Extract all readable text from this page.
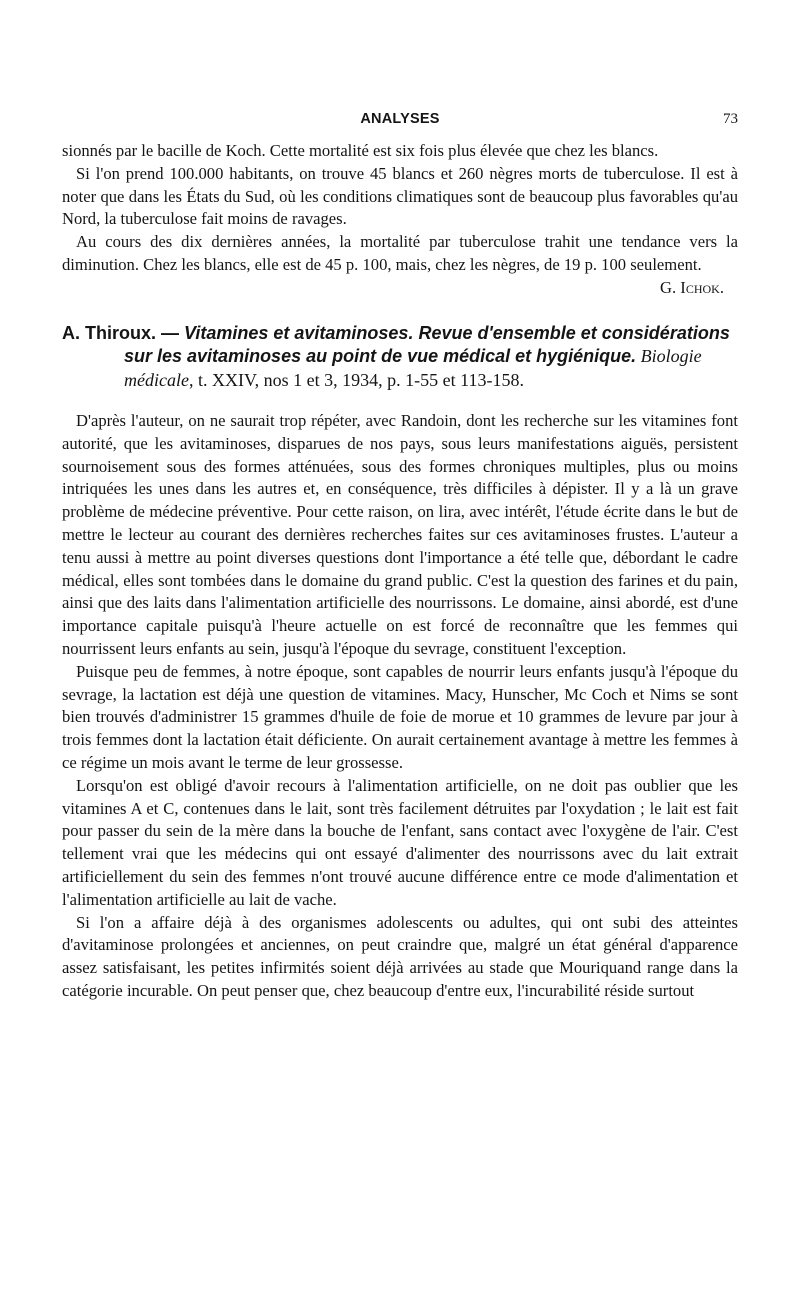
ANALYSES	73

sionnés par le bacille de Koch. Cette mortalité est six fois plus élevée que chez les blancs.

Si l'on prend 100.000 habitants, on trouve 45 blancs et 260 nègres morts de tuberculose. Il est à noter que dans les États du Sud, où les conditions climatiques sont de beaucoup plus favorables qu'au Nord, la tuberculose fait moins de ravages.

Au cours des dix dernières années, la mortalité par tuberculose trahit une tendance vers la diminution. Chez les blancs, elle est de 45 p. 100, mais, chez les nègres, de 19 p. 100 seulement.

G. Ichok.

A. Thiroux. — Vitamines et avitaminoses. Revue d'ensemble et considérations sur les avitaminoses au point de vue médical et hygiénique. Biologie médicale, t. XXIV, nos 1 et 3, 1934, p. 1-55 et 113-158.

D'après l'auteur, on ne saurait trop répéter, avec Randoin, dont les recherche sur les vitamines font autorité, que les avitaminoses, disparues de nos pays, sous leurs manifestations aiguës, persistent sournoisement sous des formes atténuées, sous des formes chroniques multiples, plus ou moins intriquées les unes dans les autres et, en conséquence, très difficiles à dépister. Il y a là un grave problème de médecine préventive. Pour cette raison, on lira, avec intérêt, l'étude écrite dans le but de mettre le lecteur au courant des dernières recherches faites sur ces avitaminoses frustes. L'auteur a tenu aussi à mettre au point diverses questions dont l'importance a été telle que, débordant le cadre médical, elles sont tombées dans le domaine du grand public. C'est la question des farines et du pain, ainsi que des laits dans l'alimentation artificielle des nourrissons. Le domaine, ainsi abordé, est d'une importance capitale puisqu'à l'heure actuelle on est forcé de reconnaître que les femmes qui nourrissent leurs enfants au sein, jusqu'à l'époque du sevrage, constituent l'exception.

Puisque peu de femmes, à notre époque, sont capables de nourrir leurs enfants jusqu'à l'époque du sevrage, la lactation est déjà une question de vitamines. Macy, Hunscher, Mc Coch et Nims se sont bien trouvés d'administrer 15 grammes d'huile de foie de morue et 10 grammes de levure par jour à trois femmes dont la lactation était déficiente. On aurait certainement avantage à mettre les femmes à ce régime un mois avant le terme de leur grossesse.

Lorsqu'on est obligé d'avoir recours à l'alimentation artificielle, on ne doit pas oublier que les vitamines A et C, contenues dans le lait, sont très facilement détruites par l'oxydation ; le lait est fait pour passer du sein de la mère dans la bouche de l'enfant, sans contact avec l'oxygène de l'air. C'est tellement vrai que les médecins qui ont essayé d'alimenter des nourrissons avec du lait extrait artificiellement du sein des femmes n'ont trouvé aucune différence entre ce mode d'alimentation et l'alimentation artificielle au lait de vache.

Si l'on a affaire déjà à des organismes adolescents ou adultes, qui ont subi des atteintes d'avitaminose prolongées et anciennes, on peut craindre que, malgré un état général d'apparence assez satisfaisant, les petites infirmités soient déjà arrivées au stade que Mouriquand range dans la catégorie incurable. On peut penser que, chez beaucoup d'entre eux, l'incurabilité réside surtout
